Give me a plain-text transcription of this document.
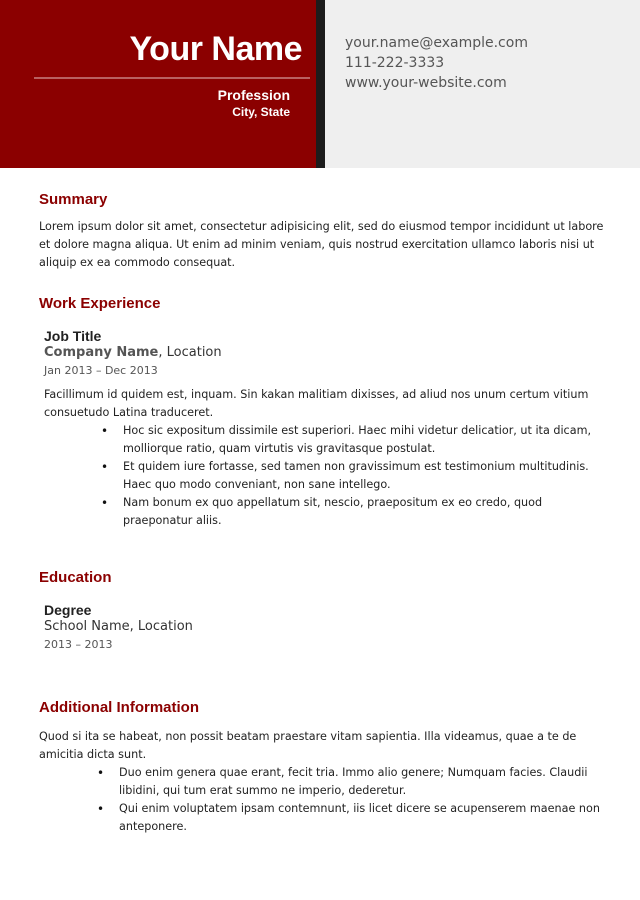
Your Name
Profession
City, State
your.name@example.com
111-222-3333
www.your-website.com
Summary
Lorem ipsum dolor sit amet, consectetur adipisicing elit, sed do eiusmod tempor incididunt ut labore
et dolore magna aliqua. Ut enim ad minim veniam, quis nostrud exercitation ullamco laboris nisi ut
aliquip ex ea commodo consequat.
Work Experience
Job Title
Company Name, Location
Jan 2013 – Dec 2013
Facillimum id quidem est, inquam. Sin kakan malitiam dixisses, ad aliud nos unum certum vitium
consuetudo Latina traduceret.
• Hoc sic expositum dissimile est superiori. Haec mihi videtur delicatior, ut ita dicam,
molliorque ratio, quam virtutis vis gravitasque postulat.
• Et quidem iure fortasse, sed tamen non gravissimum est testimonium multitudinis.
Haec quo modo conveniant, non sane intellego.
• Nam bonum ex quo appellatum sit, nescio, praepositum ex eo credo, quod
praeponatur aliis.
Education
Degree
School Name, Location
2013 – 2013
Additional Information
Quod si ita se habeat, non possit beatam praestare vitam sapientia. Illa videamus, quae a te de
amicitia dicta sunt.
• Duo enim genera quae erant, fecit tria. Immo alio genere; Numquam facies. Claudii
libidini, qui tum erat summo ne imperio, dederetur.
• Qui enim voluptatem ipsam contemnunt, iis licet dicere se acupenserem maenae non
anteponere.
